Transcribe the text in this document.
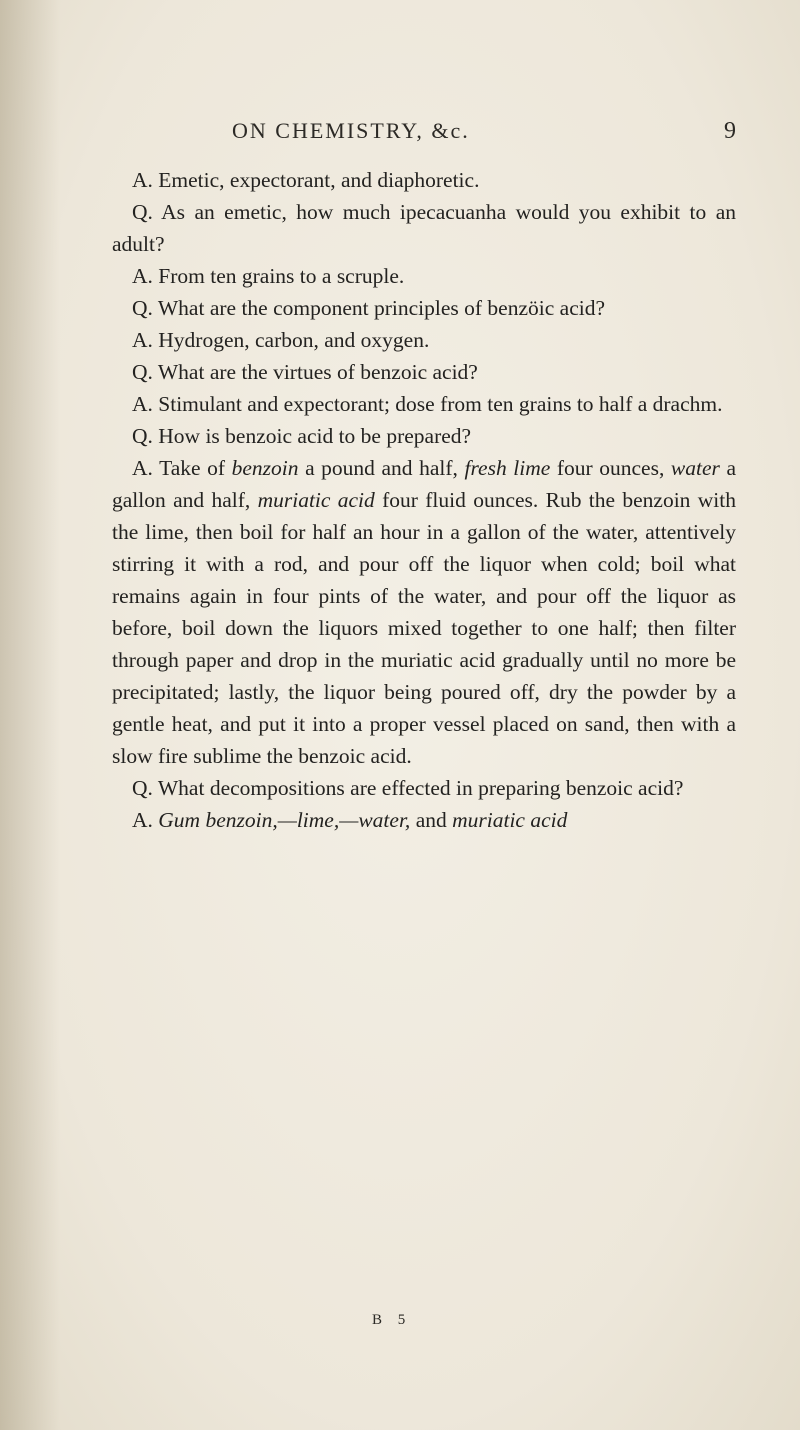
ON CHEMISTRY, &c.	9

A. Emetic, expectorant, and diaphoretic.

Q. As an emetic, how much ipecacuanha would you exhibit to an adult?

A. From ten grains to a scruple.

Q. What are the component principles of benzöic acid?

A. Hydrogen, carbon, and oxygen.

Q. What are the virtues of benzoic acid?

A. Stimulant and expectorant; dose from ten grains to half a drachm.

Q. How is benzoic acid to be prepared?

A. Take of benzoin a pound and half, fresh lime four ounces, water a gallon and half, muriatic acid four fluid ounces. Rub the benzoin with the lime, then boil for half an hour in a gallon of the water, attentively stirring it with a rod, and pour off the liquor when cold; boil what remains again in four pints of the water, and pour off the liquor as before, boil down the liquors mixed together to one half; then filter through paper and drop in the muriatic acid gradually until no more be precipitated; lastly, the liquor being poured off, dry the powder by a gentle heat, and put it into a proper vessel placed on sand, then with a slow fire sublime the benzoic acid.

Q. What decompositions are effected in preparing benzoic acid?

A. Gum benzoin,—lime,—water, and muriatic acid

B 5
